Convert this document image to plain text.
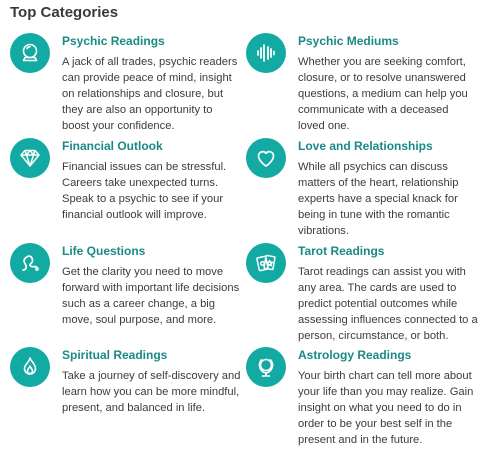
Top Categories
Psychic Readings
A jack of all trades, psychic readers can provide peace of mind, insight on relationships and closure, but they are also an opportunity to boost your confidence.
Psychic Mediums
Whether you are seeking comfort, closure, or to resolve unanswered questions, a medium can help you communicate with a deceased loved one.
Financial Outlook
Financial issues can be stressful. Careers take unexpected turns. Speak to a psychic to see if your financial outlook will improve.
Love and Relationships
While all psychics can discuss matters of the heart, relationship experts have a special knack for being in tune with the romantic vibrations.
Life Questions
Get the clarity you need to move forward with important life decisions such as a career change, a big move, soul purpose, and more.
Tarot Readings
Tarot readings can assist you with any area. The cards are used to predict potential outcomes while assessing influences connected to a person, circumstance, or both.
Spiritual Readings
Take a journey of self-discovery and learn how you can be more mindful, present, and balanced in life.
Astrology Readings
Your birth chart can tell more about your life than you may realize. Gain insight on what you need to do in order to be your best self in the present and in the future.
